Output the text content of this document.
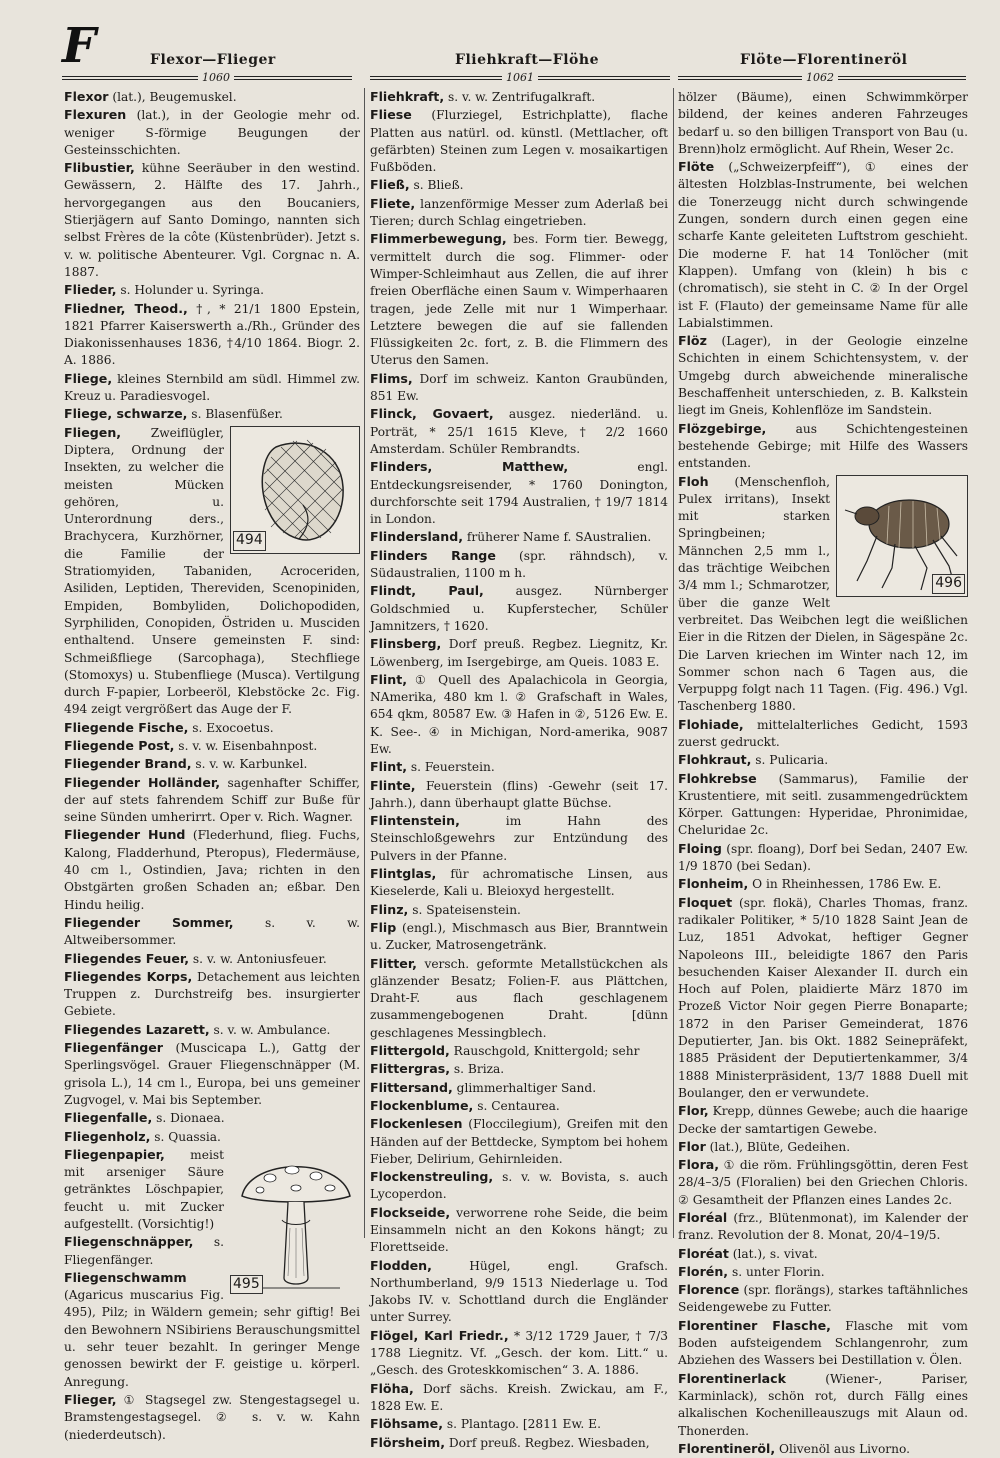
F	Flexor—Flieger	Fliehkraft—Flöhe	Flöte—Florentineröl
1060	1061	1062

Flexor (lat.), Beugemuskel.

Flexuren (lat.), in der Geologie mehr od. weniger S-förmige Beugungen der Gesteinsschichten.

Flibustier, kühne Seeräuber in den westind. Gewässern, 2. Hälfte des 17. Jahrh., hervorgegangen aus den Boucaniers, Stierjägern auf Santo Domingo, nannten sich selbst Frères de la côte (Küstenbrüder). Jetzt s. v. w. politische Abenteurer. Vgl. Corgnac n. A. 1887.

Flieder, s. Holunder u. Syringa.

Fliedner, Theod., †, * 21/1 1800 Epstein, 1821 Pfarrer Kaiserswerth a./Rh., Gründer des Diakonissenhauses 1836, †4/10 1864. Biogr. 2. A. 1886.

Fliege, kleines Sternbild am südl. Himmel zw. Kreuz u. Paradiesvogel.

Fliege, schwarze, s. Blasenfüßer.

494
Fliegen, Zweiflügler, Diptera, Ordnung der Insekten, zu welcher die meisten Mücken gehören, u. Unterordnung ders., Brachycera, Kurzhörner, die Familie der Stratiomyiden, Tabaniden, Acroceriden, Asiliden, Leptiden, Thereviden, Scenopiniden, Empiden, Bombyliden, Dolichopodiden, Syrphiliden, Conopiden, Östriden u. Musciden enthaltend. Unsere gemeinsten F. sind: Schmeißfliege (Sarcophaga), Stechfliege (Stomoxys) u. Stubenfliege (Musca). Vertilgung durch F-papier, Lorbeeröl, Klebstöcke 2c. Fig. 494 zeigt vergrößert das Auge der F.

Fliegende Fische, s. Exocoetus.

Fliegende Post, s. v. w. Eisenbahnpost.

Fliegender Brand, s. v. w. Karbunkel.

Fliegender Holländer, sagenhafter Schiffer, der auf stets fahrendem Schiff zur Buße für seine Sünden umherirrt. Oper v. Rich. Wagner.

Fliegender Hund (Flederhund, flieg. Fuchs, Kalong, Fladderhund, Pteropus), Fledermäuse, 40 cm l., Ostindien, Java; richten in den Obstgärten großen Schaden an; eßbar. Den Hindu heilig.

Fliegender Sommer, s. v. w. Altweibersommer.

Fliegendes Feuer, s. v. w. Antoniusfeuer.

Fliegendes Korps, Detachement aus leichten Truppen z. Durchstreifg bes. insurgierter Gebiete.

Fliegendes Lazarett, s. v. w. Ambulance.

Fliegenfänger (Muscicapa L.), Gattg der Sperlingsvögel. Grauer Fliegenschnäpper (M. grisola L.), 14 cm l., Europa, bei uns gemeiner Zugvogel, v. Mai bis September.

Fliegenfalle, s. Dionaea.

Fliegenholz, s. Quassia.

495
Fliegenpapier, meist mit arseniger Säure getränktes Löschpapier, feucht u. mit Zucker aufgestellt. (Vorsichtig!)

Fliegenschnäpper, s. Fliegenfänger.

Fliegenschwamm (Agaricus muscarius Fig. 495), Pilz; in Wäldern gemein; sehr giftig! Bei den Bewohnern NSibiriens Berauschungsmittel u. sehr teuer bezahlt. In geringer Menge genossen bewirkt der F. geistige u. körperl. Anregung.

Flieger, ① Stagsegel zw. Stengestagsegel u. Bramstengestagsegel. ② s. v. w. Kahn (niederdeutsch).

Fliehkraft, s. v. w. Zentrifugalkraft.

Fliese (Flurziegel, Estrichplatte), flache Platten aus natürl. od. künstl. (Mettlacher, oft gefärbten) Steinen zum Legen v. mosaikartigen Fußböden.

Fließ, s. Bließ.

Fliete, lanzenförmige Messer zum Aderlaß bei Tieren; durch Schlag eingetrieben.

Flimmerbewegung, bes. Form tier. Bewegg, vermittelt durch die sog. Flimmer- oder Wimper-Schleimhaut aus Zellen, die auf ihrer freien Oberfläche einen Saum v. Wimperhaaren tragen, jede Zelle mit nur 1 Wimperhaar. Letztere bewegen die auf sie fallenden Flüssigkeiten 2c. fort, z. B. die Flimmern des Uterus den Samen.

Flims, Dorf im schweiz. Kanton Graubünden, 851 Ew.

Flinck, Govaert, ausgez. niederländ. u. Porträt, * 25/1 1615 Kleve, † 2/2 1660 Amsterdam. Schüler Rembrandts.

Flinders, Matthew, engl. Entdeckungsreisender, * 1760 Donington, durchforschte seit 1794 Australien, † 19/7 1814 in London.

Flindersland, früherer Name f. SAustralien.

Flinders Range (spr. rähndsch), v. Südaustralien, 1100 m h.

Flindt, Paul, ausgez. Nürnberger Goldschmied u. Kupferstecher, Schüler Jamnitzers, † 1620.

Flinsberg, Dorf preuß. Regbez. Liegnitz, Kr. Löwenberg, im Isergebirge, am Queis. 1083 E.

Flint, ① Quell des Apalachicola in Georgia, NAmerika, 480 km l. ② Grafschaft in Wales, 654 qkm, 80587 Ew. ③ Hafen in ②, 5126 Ew. E. K. See-. ④ in Michigan, Nord-amerika, 9087 Ew.

Flint, s. Feuerstein.

Flinte, Feuerstein (flins) -Gewehr (seit 17. Jahrh.), dann überhaupt glatte Büchse.

Flintenstein, im Hahn des Steinschloßgewehrs zur Entzündung des Pulvers in der Pfanne.

Flintglas, für achromatische Linsen, aus Kieselerde, Kali u. Bleioxyd hergestellt.

Flinz, s. Spateisenstein.

Flip (engl.), Mischmasch aus Bier, Branntwein u. Zucker, Matrosengetränk.

Flitter, versch. geformte Metallstückchen als glänzender Besatz; Folien-F. aus Plättchen, Draht-F. aus flach geschlagenem zusammengebogenen Draht. [dünn geschlagenes Messingblech.

Flittergold, Rauschgold, Knittergold; sehr

Flittergras, s. Briza.

Flittersand, glimmerhaltiger Sand.

Flockenblume, s. Centaurea.

Flockenlesen (Floccilegium), Greifen mit den Händen auf der Bettdecke, Symptom bei hohem Fieber, Delirium, Gehirnleiden.

Flockenstreuling, s. v. w. Bovista, s. auch Lycoperdon.

Flockseide, verworrene rohe Seide, die beim Einsammeln nicht an den Kokons hängt; zu Florettseide.

Flodden, Hügel, engl. Grafsch. Northumberland, 9/9 1513 Niederlage u. Tod Jakobs IV. v. Schottland durch die Engländer unter Surrey.

Flögel, Karl Friedr., * 3/12 1729 Jauer, † 7/3 1788 Liegnitz. Vf. „Gesch. der kom. Litt.“ u. „Gesch. des Groteskkomischen“ 3. A. 1886.

Flöha, Dorf sächs. Kreish. Zwickau, am F., 1828 Ew. E.

Flöhsame, s. Plantago. [2811 Ew. E.

Flörsheim, Dorf preuß. Regbez. Wiesbaden,

hölzer (Bäume), einen Schwimmkörper bildend, der keines anderen Fahrzeuges bedarf u. so den billigen Transport von Bau (u. Brenn)holz ermöglicht. Auf Rhein, Weser 2c.

Flöte („Schweizerpfeiff“), ① eines der ältesten Holzblas-Instrumente, bei welchen die Tonerzeugg nicht durch schwingende Zungen, sondern durch einen gegen eine scharfe Kante geleiteten Luftstrom geschieht. Die moderne F. hat 14 Tonlöcher (mit Klappen). Umfang von (klein) h bis c (chromatisch), sie steht in C. ② In der Orgel ist F. (Flauto) der gemeinsame Name für alle Labialstimmen.

Flöz (Lager), in der Geologie einzelne Schichten in einem Schichtensystem, v. der Umgebg durch abweichende mineralische Beschaffenheit unterschieden, z. B. Kalkstein liegt im Gneis, Kohlenflöze im Sandstein.

Flözgebirge, aus Schichtengesteinen bestehende Gebirge; mit Hilfe des Wassers entstanden.

496
Floh (Menschenfloh, Pulex irritans), Insekt mit starken Springbeinen; Männchen 2,5 mm l., das trächtige Weibchen 3/4 mm l.; Schmarotzer, über die ganze Welt verbreitet. Das Weibchen legt die weißlichen Eier in die Ritzen der Dielen, in Sägespäne 2c. Die Larven kriechen im Winter nach 12, im Sommer schon nach 6 Tagen aus, die Verpuppg folgt nach 11 Tagen. (Fig. 496.) Vgl. Taschenberg 1880.

Flohiade, mittelalterliches Gedicht, 1593 zuerst gedruckt.

Flohkraut, s. Pulicaria.

Flohkrebse (Sammarus), Familie der Krustentiere, mit seitl. zusammengedrücktem Körper. Gattungen: Hyperidae, Phronimidae, Cheluridae 2c.

Floing (spr. floang), Dorf bei Sedan, 2407 Ew. 1/9 1870 (bei Sedan).

Flonheim, O in Rheinhessen, 1786 Ew. E.

Floquet (spr. flokä), Charles Thomas, franz. radikaler Politiker, * 5/10 1828 Saint Jean de Luz, 1851 Advokat, heftiger Gegner Napoleons III., beleidigte 1867 den Paris besuchenden Kaiser Alexander II. durch ein Hoch auf Polen, plaidierte März 1870 im Prozeß Victor Noir gegen Pierre Bonaparte; 1872 in den Pariser Gemeinderat, 1876 Deputierter, Jan. bis Okt. 1882 Seinepräfekt, 1885 Präsident der Deputiertenkammer, 3/4 1888 Ministerpräsident, 13/7 1888 Duell mit Boulanger, den er verwundete.

Flor, Krepp, dünnes Gewebe; auch die haarige Decke der samtartigen Gewebe.

Flor (lat.), Blüte, Gedeihen.

Flora, ① die röm. Frühlingsgöttin, deren Fest 28/4–3/5 (Floralien) bei den Griechen Chloris. ② Gesamtheit der Pflanzen eines Landes 2c.

Floréal (frz., Blütenmonat), im Kalender der franz. Revolution der 8. Monat, 20/4–19/5.

Floréat (lat.), s. vivat.

Florén, s. unter Florin.

Florence (spr. florängs), starkes taftähnliches Seidengewebe zu Futter.

Florentiner Flasche, Flasche mit vom Boden aufsteigendem Schlangenrohr, zum Abziehen des Wassers bei Destillation v. Ölen.

Florentinerlack (Wiener-, Pariser, Karminlack), schön rot, durch Fällg eines alkalischen Kochenilleauszugs mit Alaun od. Thonerden.

Florentineröl, Olivenöl aus Livorno.
